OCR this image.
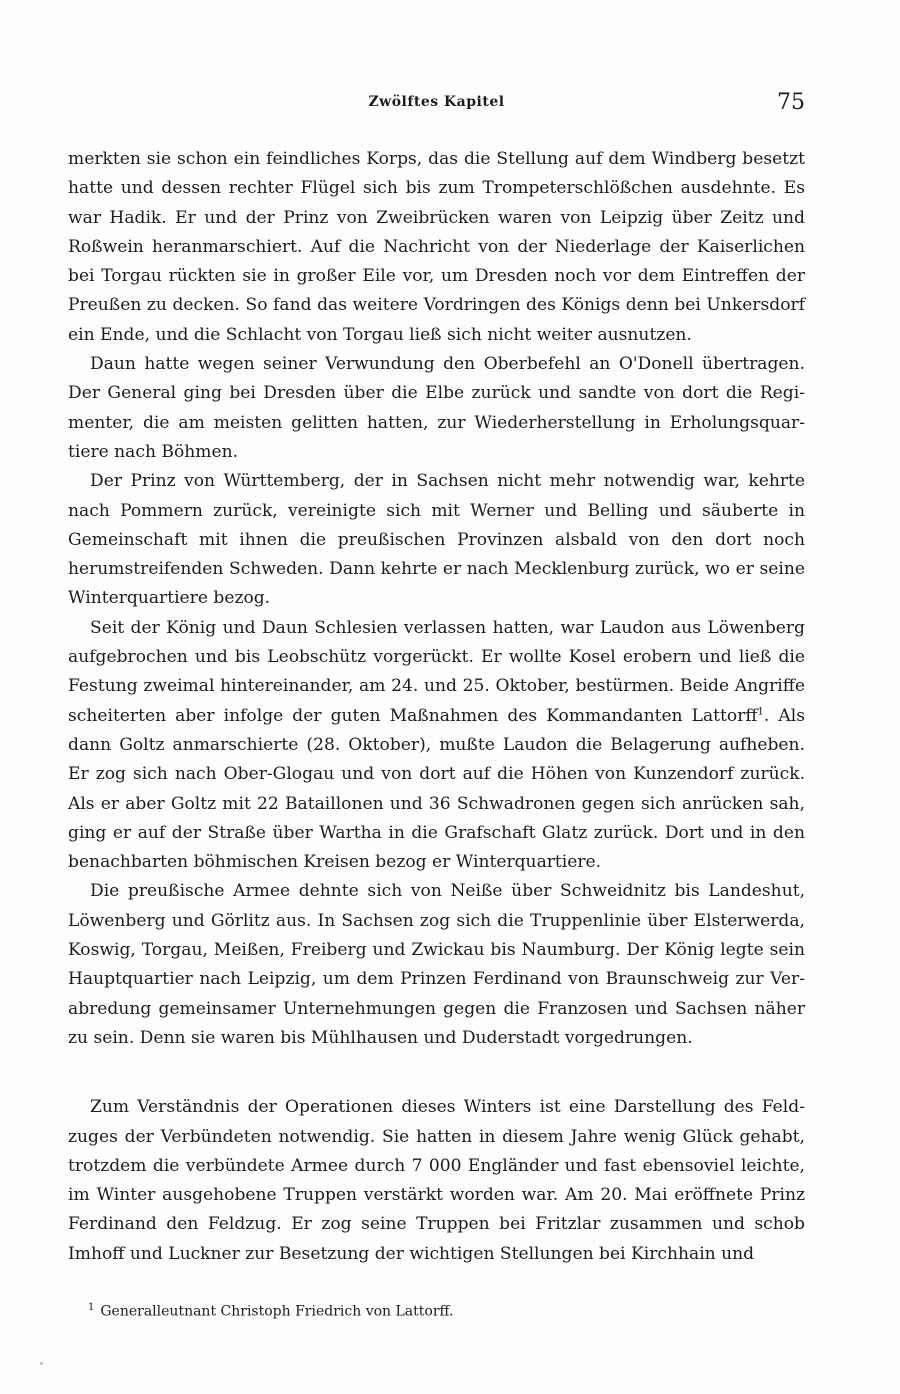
Zwölftes Kapitel	75

merkten sie schon ein feindliches Korps, das die Stellung auf dem Windberg besetzt hatte und dessen rechter Flügel sich bis zum Trompeterschlößchen ausdehnte. Es war Hadik. Er und der Prinz von Zweibrücken waren von Leipzig über Zeitz und Roßwein heranmarschiert. Auf die Nachricht von der Niederlage der Kaiserlichen bei Torgau rückten sie in großer Eile vor, um Dresden noch vor dem Eintreffen der Preußen zu decken. So fand das weitere Vordringen des Königs denn bei Unkersdorf ein Ende, und die Schlacht von Torgau ließ sich nicht weiter ausnutzen.

Daun hatte wegen seiner Verwundung den Oberbefehl an O'Donell übertragen. Der General ging bei Dresden über die Elbe zurück und sandte von dort die Regimenter, die am meisten gelitten hatten, zur Wiederherstellung in Erholungsquartiere nach Böhmen.

Der Prinz von Württemberg, der in Sachsen nicht mehr notwendig war, kehrte nach Pommern zurück, vereinigte sich mit Werner und Belling und säuberte in Gemeinschaft mit ihnen die preußischen Provinzen alsbald von den dort noch herumstreifenden Schweden. Dann kehrte er nach Mecklenburg zurück, wo er seine Winterquartiere bezog.

Seit der König und Daun Schlesien verlassen hatten, war Laudon aus Löwenberg aufgebrochen und bis Leobschütz vorgerückt. Er wollte Kosel erobern und ließ die Festung zweimal hintereinander, am 24. und 25. Oktober, bestürmen. Beide Angriffe scheiterten aber infolge der guten Maßnahmen des Kommandanten Lattorff$^1$. Als dann Goltz anmarschierte (28. Oktober), mußte Laudon die Belagerung aufheben. Er zog sich nach Ober-Glogau und von dort auf die Höhen von Kunzendorf zurück. Als er aber Goltz mit 22 Bataillonen und 36 Schwadronen gegen sich anrücken sah, ging er auf der Straße über Wartha in die Grafschaft Glatz zurück. Dort und in den benachbarten böhmischen Kreisen bezog er Winterquartiere.

Die preußische Armee dehnte sich von Neiße über Schweidnitz bis Landeshut, Löwenberg und Görlitz aus. In Sachsen zog sich die Truppenlinie über Elsterwerda, Koswig, Torgau, Meißen, Freiberg und Zwickau bis Naumburg. Der König legte sein Hauptquartier nach Leipzig, um dem Prinzen Ferdinand von Braunschweig zur Verabredung gemeinsamer Unternehmungen gegen die Franzosen und Sachsen näher zu sein. Denn sie waren bis Mühlhausen und Duderstadt vorgedrungen.

Zum Verständnis der Operationen dieses Winters ist eine Darstellung des Feldzuges der Verbündeten notwendig. Sie hatten in diesem Jahre wenig Glück gehabt, trotzdem die verbündete Armee durch 7 000 Engländer und fast ebensoviel leichte, im Winter ausgehobene Truppen verstärkt worden war. Am 20. Mai eröffnete Prinz Ferdinand den Feldzug. Er zog seine Truppen bei Fritzlar zusammen und schob Imhoff und Luckner zur Besetzung der wichtigen Stellungen bei Kirchhain und

$^1$ Generalleutnant Christoph Friedrich von Lattorff.
